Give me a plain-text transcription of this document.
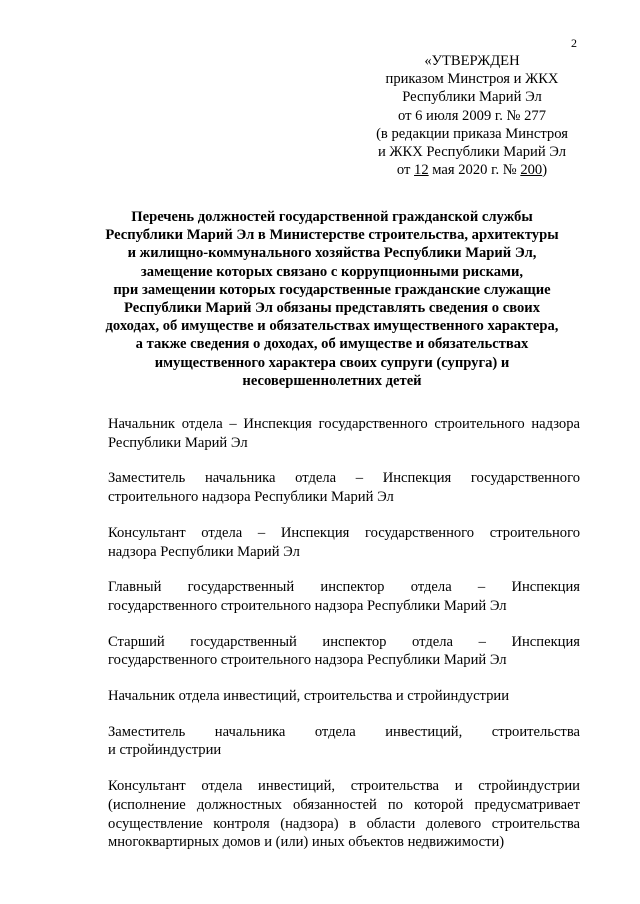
2
«УТВЕРЖДЕН
приказом Минстроя и ЖКХ
Республики Марий Эл
от 6 июля 2009 г. № 277
(в редакции приказа Минстроя
и ЖКХ Республики Марий Эл
от 12 мая 2020 г. № 200)
Перечень должностей государственной гражданской службы
Республики Марий Эл в Министерстве строительства, архитектуры
и жилищно-коммунального хозяйства Республики Марий Эл,
замещение которых связано с коррупционными рисками,
при замещении которых государственные гражданские служащие
Республики Марий Эл обязаны представлять сведения о своих
доходах, об имуществе и обязательствах имущественного характера,
а также сведения о доходах, об имуществе и обязательствах
имущественного характера своих супруги (супруга) и
несовершеннолетних детей
Начальник отдела – Инспекция государственного строительного надзора
Республики Марий Эл
Заместитель начальника отдела – Инспекция государственного
строительного надзора Республики Марий Эл
Консультант отдела – Инспекция государственного строительного
надзора Республики Марий Эл
Главный государственный инспектор отдела – Инспекция
государственного строительного надзора Республики Марий Эл
Старший государственный инспектор отдела – Инспекция
государственного строительного надзора Республики Марий Эл
Начальник отдела инвестиций, строительства и стройиндустрии
Заместитель начальника отдела инвестиций, строительства
и стройиндустрии
Консультант отдела инвестиций, строительства и стройиндустрии
(исполнение должностных обязанностей по которой предусматривает
осуществление контроля (надзора) в области долевого строительства
многоквартирных домов и (или) иных объектов недвижимости)
